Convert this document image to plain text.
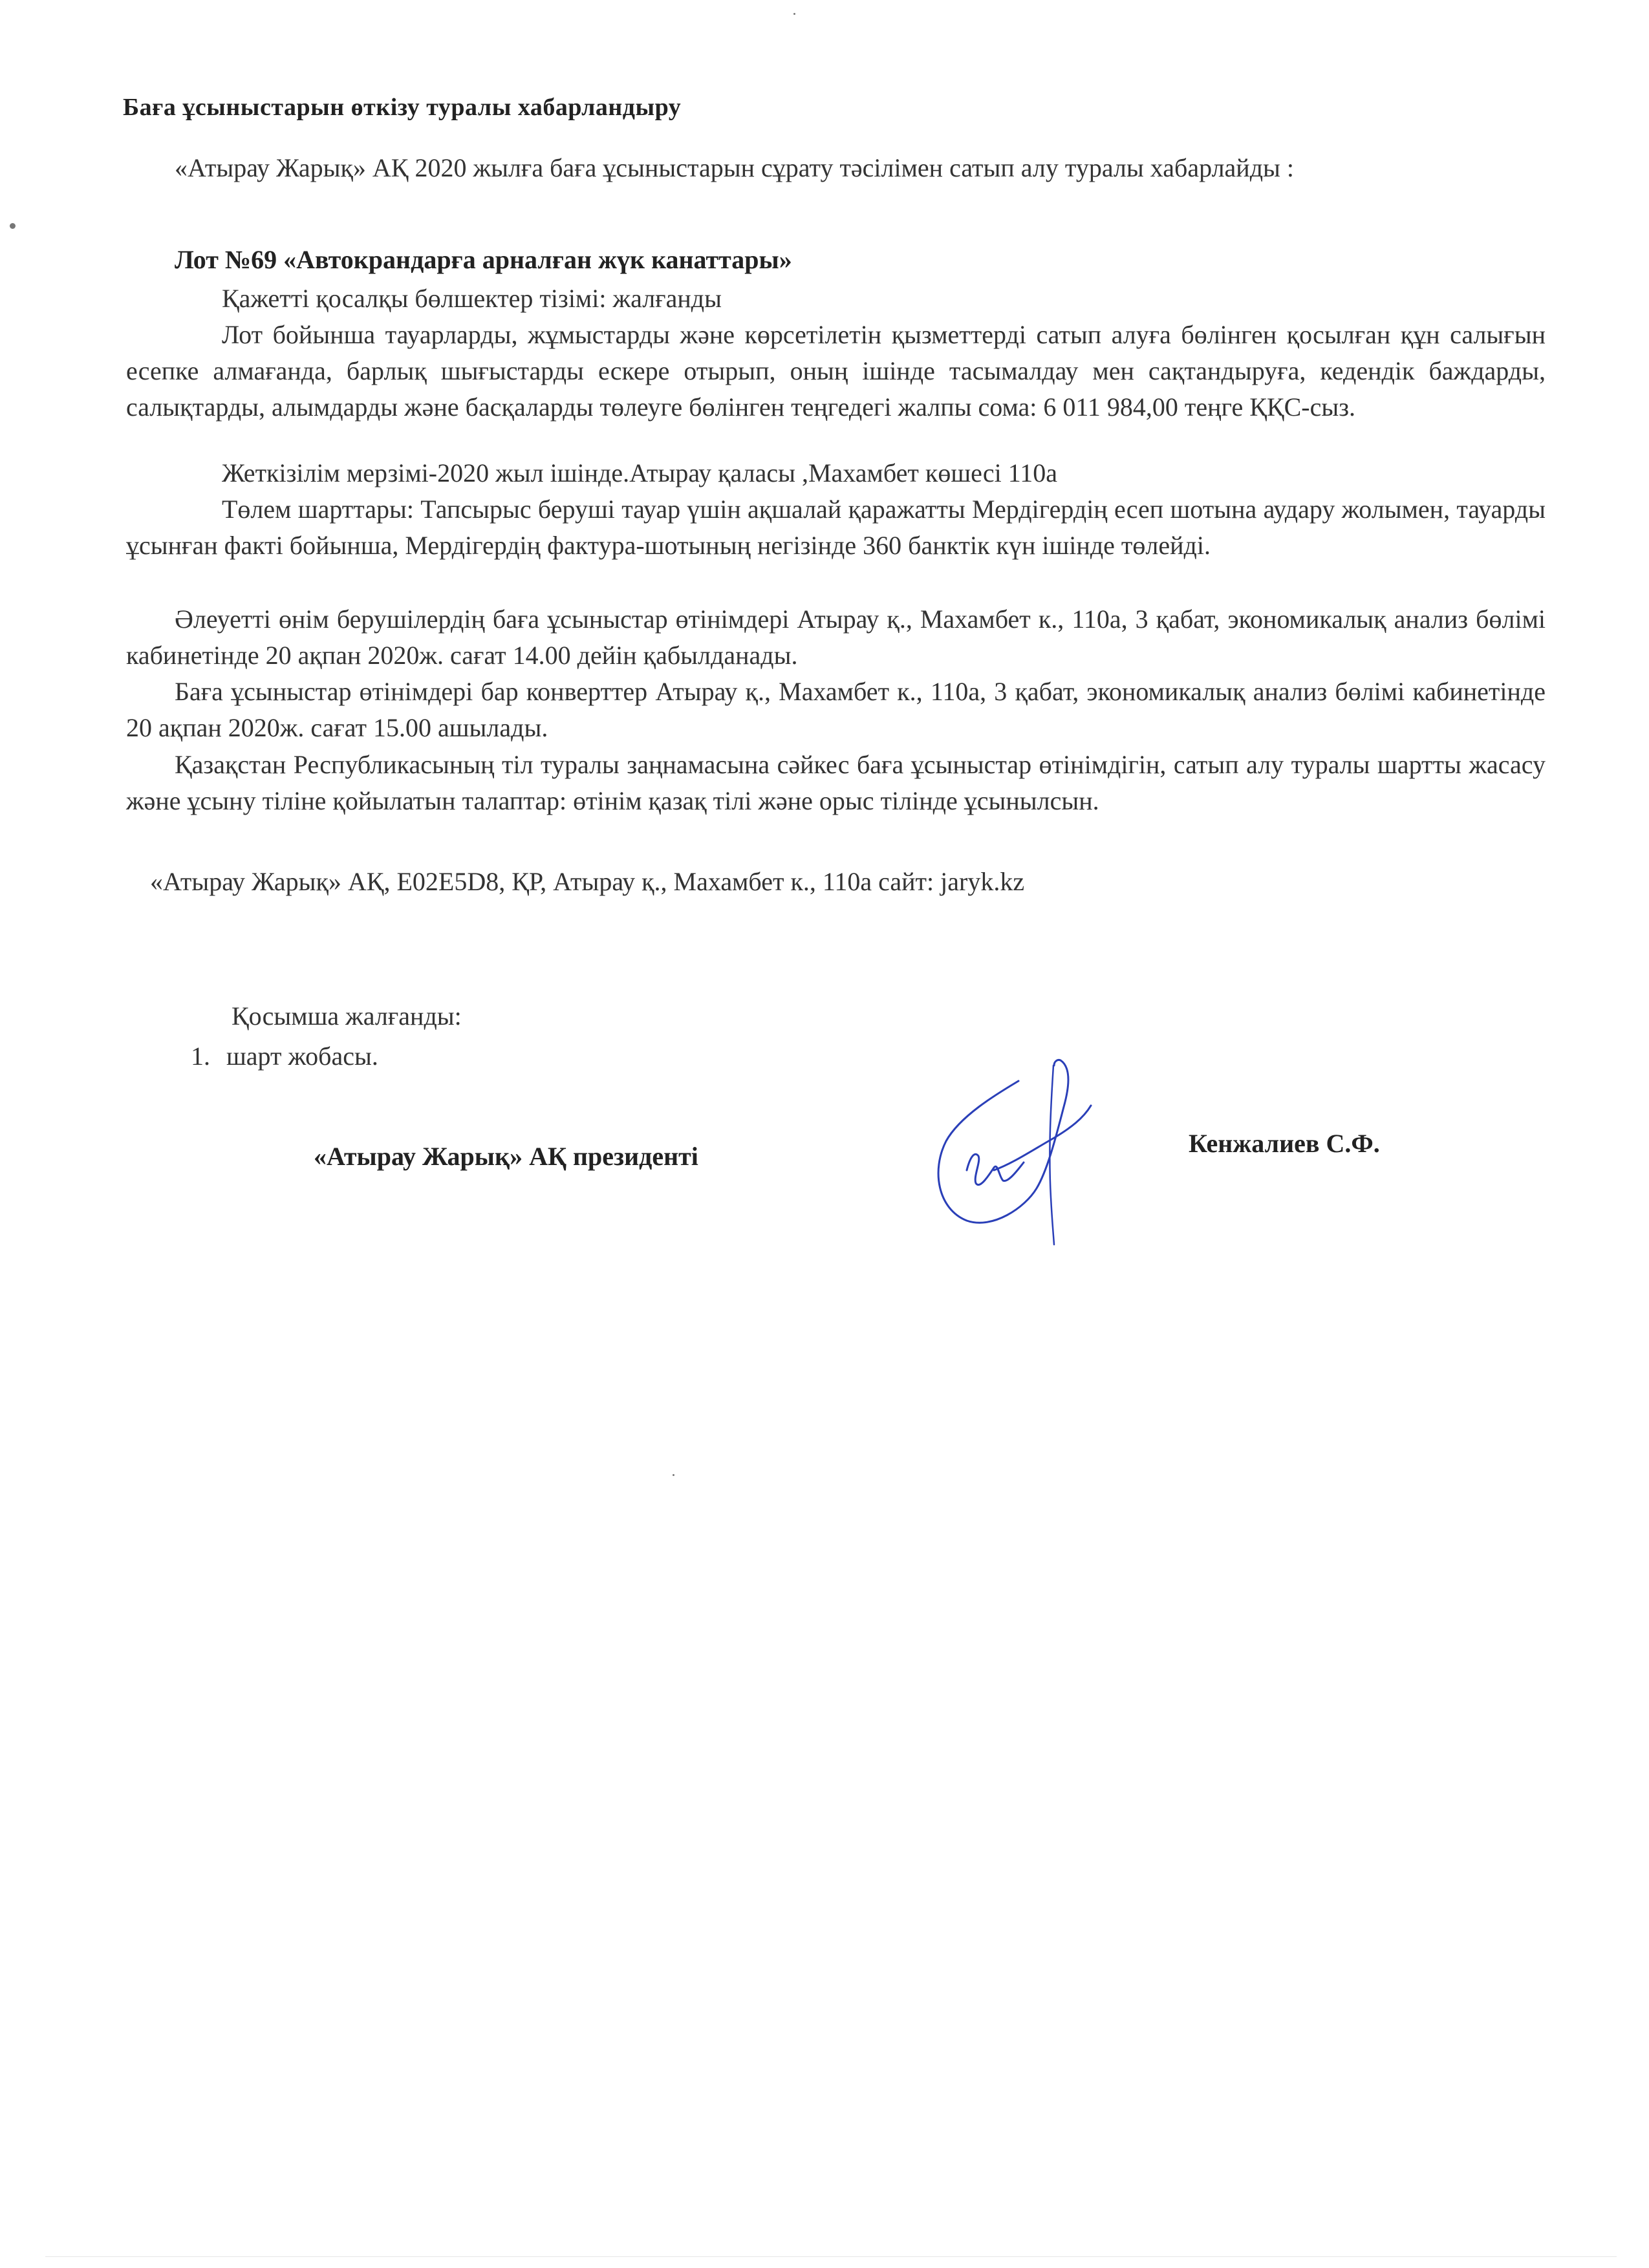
Баға ұсыныстарын өткізу туралы хабарландыру
«Атырау Жарық» АҚ 2020 жылға баға ұсыныстарын сұрату тәсілімен сатып алу туралы хабарлайды :
Лот №69 «Автокрандарға арналған жүк канаттары»
Қажетті қосалқы бөлшектер тізімі: жалғанды
Лот бойынша тауарларды, жұмыстарды және көрсетілетін қызметтерді сатып алуға бөлінген қосылған құн салығын есепке алмағанда, барлық шығыстарды ескере отырып, оның ішінде тасымалдау мен сақтандыруға, кедендік баждарды, салықтарды, алымдарды және басқаларды төлеуге бөлінген теңгедегі жалпы сома: 6 011 984,00 теңге ҚҚС-сыз.
Жеткізілім мерзімі-2020 жыл ішінде.Атырау қаласы ,Махамбет көшесі 110а
Төлем шарттары: Тапсырыс беруші тауар үшін ақшалай қаражатты Мердігердің есеп шотына аудару жолымен, тауарды ұсынған факті бойынша, Мердігердің фактура-шотының негізінде 360 банктік күн ішінде төлейді.
Әлеуетті өнім берушілердің баға ұсыныстар өтінімдері Атырау қ., Махамбет к., 110а, 3 қабат, экономикалық анализ бөлімі кабинетінде 20 ақпан 2020ж. сағат 14.00 дейін қабылданады.
Баға ұсыныстар өтінімдері бар конверттер Атырау қ., Махамбет к., 110а, 3 қабат, экономикалық анализ бөлімі кабинетінде 20 ақпан 2020ж. сағат 15.00 ашылады.
Қазақстан Республикасының тіл туралы заңнамасына сәйкес баға ұсыныстар өтінімдігін, сатып алу туралы шартты жасасу және ұсыну тіліне қойылатын талаптар: өтінім қазақ тілі және орыс тілінде ұсынылсын.
«Атырау Жарық» АҚ, Е02Е5D8, ҚР, Атырау қ., Махамбет к., 110а сайт: jaryk.kz
Қосымша жалғанды:
1. шарт жобасы.
«Атырау Жарық» АҚ президенті	Кенжалиев С.Ф.
